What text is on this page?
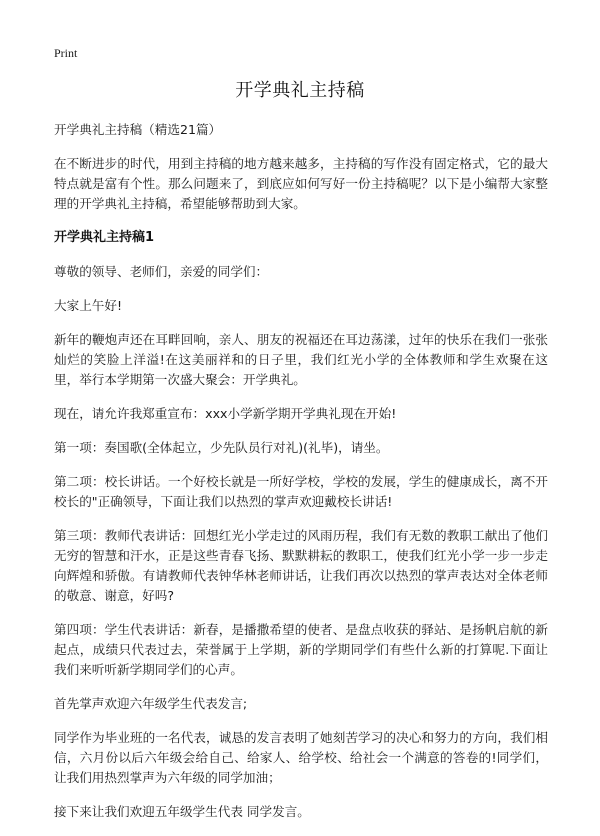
Print
开学典礼主持稿

开学典礼主持稿（精选21篇）

在不断进步的时代，用到主持稿的地方越来越多，主持稿的写作没有固定格式，它的最大特点就是富有个性。那么问题来了，到底应如何写好一份主持稿呢？以下是小编帮大家整理的开学典礼主持稿，希望能够帮助到大家。

开学典礼主持稿1

尊敬的领导、老师们，亲爱的同学们：

大家上午好!

新年的鞭炮声还在耳畔回响，亲人、朋友的祝福还在耳边荡漾，过年的快乐在我们一张张灿烂的笑脸上洋溢!在这美丽祥和的日子里，我们红光小学的全体教师和学生欢聚在这里，举行本学期第一次盛大聚会：开学典礼。

现在，请允许我郑重宣布：xxx小学新学期开学典礼现在开始!

第一项：奏国歌(全体起立，少先队员行对礼)(礼毕)，请坐。

第二项：校长讲话。一个好校长就是一所好学校，学校的发展，学生的健康成长，离不开校长的"正确领导，下面让我们以热烈的掌声欢迎戴校长讲话!

第三项：教师代表讲话：回想红光小学走过的风雨历程，我们有无数的教职工献出了他们无穷的智慧和汗水，正是这些青春飞扬、默默耕耘的教职工，使我们红光小学一步一步走向辉煌和骄傲。有请教师代表钟华林老师讲话，让我们再次以热烈的掌声表达对全体老师的敬意、谢意，好吗?

第四项：学生代表讲话：新春，是播撒希望的使者、是盘点收获的驿站、是扬帆启航的新起点，成绩只代表过去，荣誉属于上学期，新的学期同学们有些什么新的打算呢.下面让我们来听听新学期同学们的心声。

首先掌声欢迎六年级学生代表发言;

同学作为毕业班的一名代表，诚恳的发言表明了她刻苦学习的决心和努力的方向，我们相信，六月份以后六年级会给自己、给家人、给学校、给社会一个满意的答卷的!同学们，让我们用热烈掌声为六年级的同学加油；

接下来让我们欢迎五年级学生代表 同学发言。
